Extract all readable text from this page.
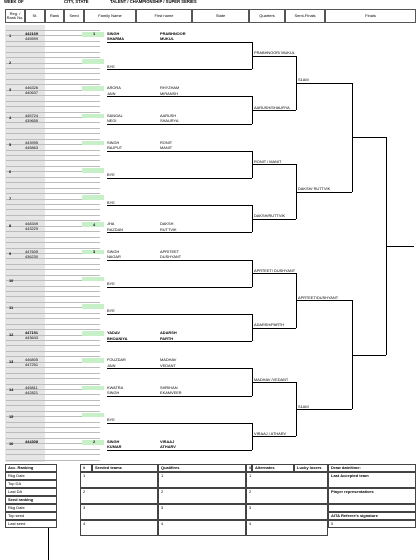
WEEK OF	CITY, STATE	TALENT / CHAMPIONSHIP / SUPER SERIES
Reg. / Rank No.	St.	Rank	Seed	Family Name	First name	State	Quarters	Semi-Finals	Finals
1	442169
445599
1	SINGH	PRABHNOOR
SHARMA	MUKUL
2
BYE
3	446326
440637
ARORA	RHYZHAM
JAIN	MIRANSH
4	445724
439655
SANGAL	AARUSH
NEGI	SHAURYA
5	443995
445863
SINGH	RONIT
RAJPUT	MANIT
6
BYE
7
BYE
8	448349
443229
4	JHA	DAKSH
RAZDAN	RUTTVIK
9	447605
436230
3	SINGH	APRITEET
NAGAR	DUSHYANT
10
BYE
11
BYE
12	447151
443643
YADAV	ADARSH
BHOANIYA	PARTH
13	446805
447251
FOUZDAR	MADHAV
JAIN	VEDANT
14	445811
442821
KWATRA	SHRIHAN
SINGH	EKAMVEER
15
BYE
16	444308	2	SINGH	VIRAAJ
KUMAR	ATHARV
PRABHNOOR/ MUKUL
AARUSH/SHAURYA
RONIT / MANIT
DAKSH/RUTTVIK
APRTEET/ DUSHYANT
ADARSH/PARTH
MADHAV /VEDANT
VIRAAJ / ATHARV
S1AM
DAKSH/ RUTTVIK
APRTEET/DUSHYANT
S1AM
Acc. Ranking
Rkg Date
Top DA
Last DA
Seed ranking
Rkg Date
Top seed
Last seed
#	Seeded teams	Qualifires	# Alternates	Lucky losers	Draw date/time:
1	1	1
2	2	2
3	3	3
4	4	4
Last Accepted team
Player representatives
AITA Referee's signature
0
